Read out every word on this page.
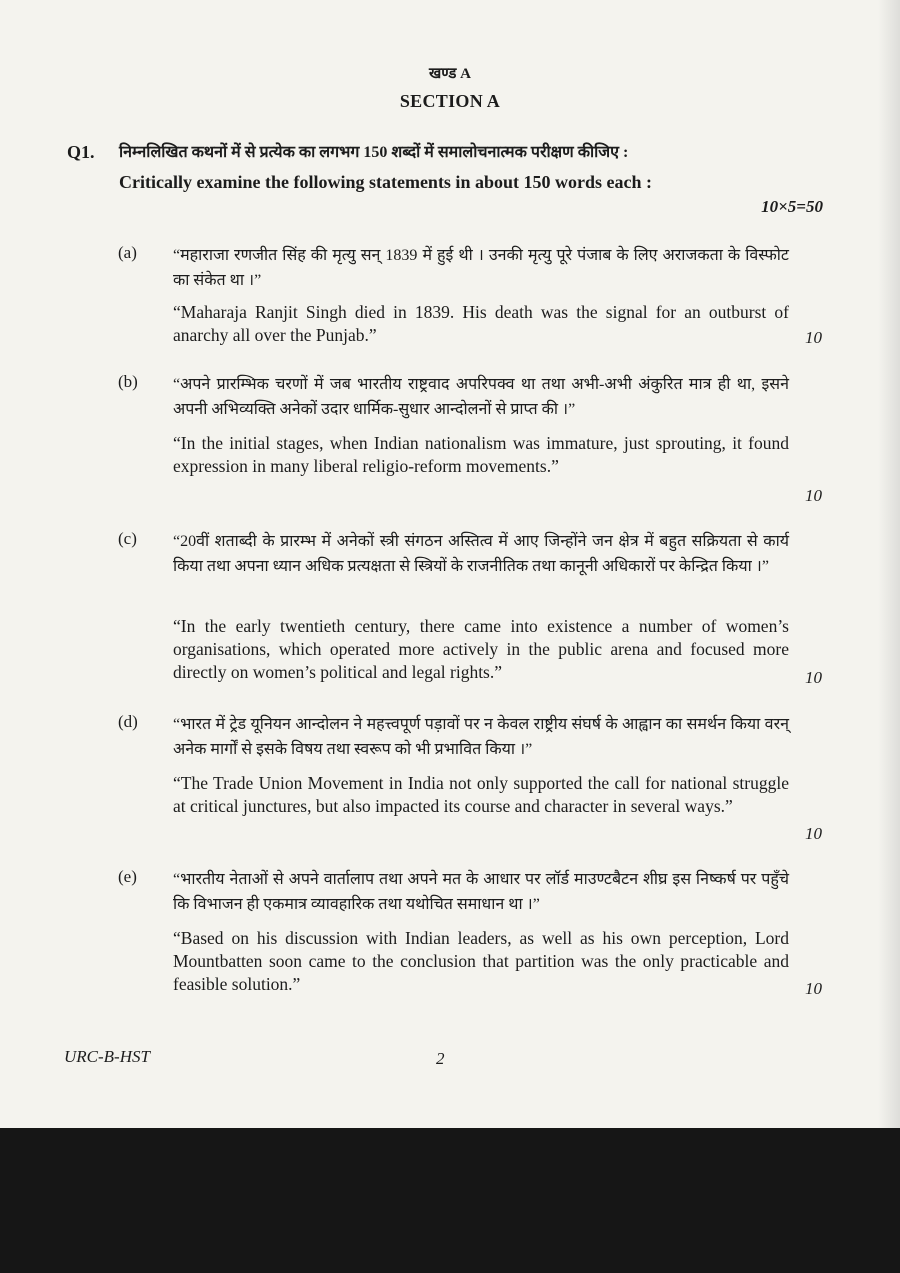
खण्ड A
SECTION A
Q1. निम्नलिखित कथनों में से प्रत्येक का लगभग 150 शब्दों में समालोचनात्मक परीक्षण कीजिए :
Critically examine the following statements in about 150 words each :
10×5=50
(a) “महाराजा रणजीत सिंह की मृत्यु सन् 1839 में हुई थी । उनकी मृत्यु पूरे पंजाब के लिए अराजकता के विस्फोट का संकेत था ।”
“Maharaja Ranjit Singh died in 1839. His death was the signal for an outburst of anarchy all over the Punjab.”	10
(b) “अपने प्रारम्भिक चरणों में जब भारतीय राष्ट्रवाद अपरिपक्व था तथा अभी-अभी अंकुरित मात्र ही था, इसने अपनी अभिव्यक्ति अनेकों उदार धार्मिक-सुधार आन्दोलनों से प्राप्त की ।”
“In the initial stages, when Indian nationalism was immature, just sprouting, it found expression in many liberal religio-reform movements.”
10
(c) “20वीं शताब्दी के प्रारम्भ में अनेकों स्त्री संगठन अस्तित्व में आए जिन्होंने जन क्षेत्र में बहुत सक्रियता से कार्य किया तथा अपना ध्यान अधिक प्रत्यक्षता से स्त्रियों के राजनीतिक तथा कानूनी अधिकारों पर केन्द्रित किया ।”
“In the early twentieth century, there came into existence a number of women’s organisations, which operated more actively in the public arena and focused more directly on women’s political and legal rights.”	10
(d) “भारत में ट्रेड यूनियन आन्दोलन ने महत्त्वपूर्ण पड़ावों पर न केवल राष्ट्रीय संघर्ष के आह्वान का समर्थन किया वरन् अनेक मार्गों से इसके विषय तथा स्वरूप को भी प्रभावित किया ।”
“The Trade Union Movement in India not only supported the call for national struggle at critical junctures, but also impacted its course and character in several ways.”
10
(e) “भारतीय नेताओं से अपने वार्तालाप तथा अपने मत के आधार पर लॉर्ड माउण्टबैटन शीघ्र इस निष्कर्ष पर पहुँचे कि विभाजन ही एकमात्र व्यावहारिक तथा यथोचित समाधान था ।”
“Based on his discussion with Indian leaders, as well as his own perception, Lord Mountbatten soon came to the conclusion that partition was the only practicable and feasible solution.”	10
URC-B-HST	2
